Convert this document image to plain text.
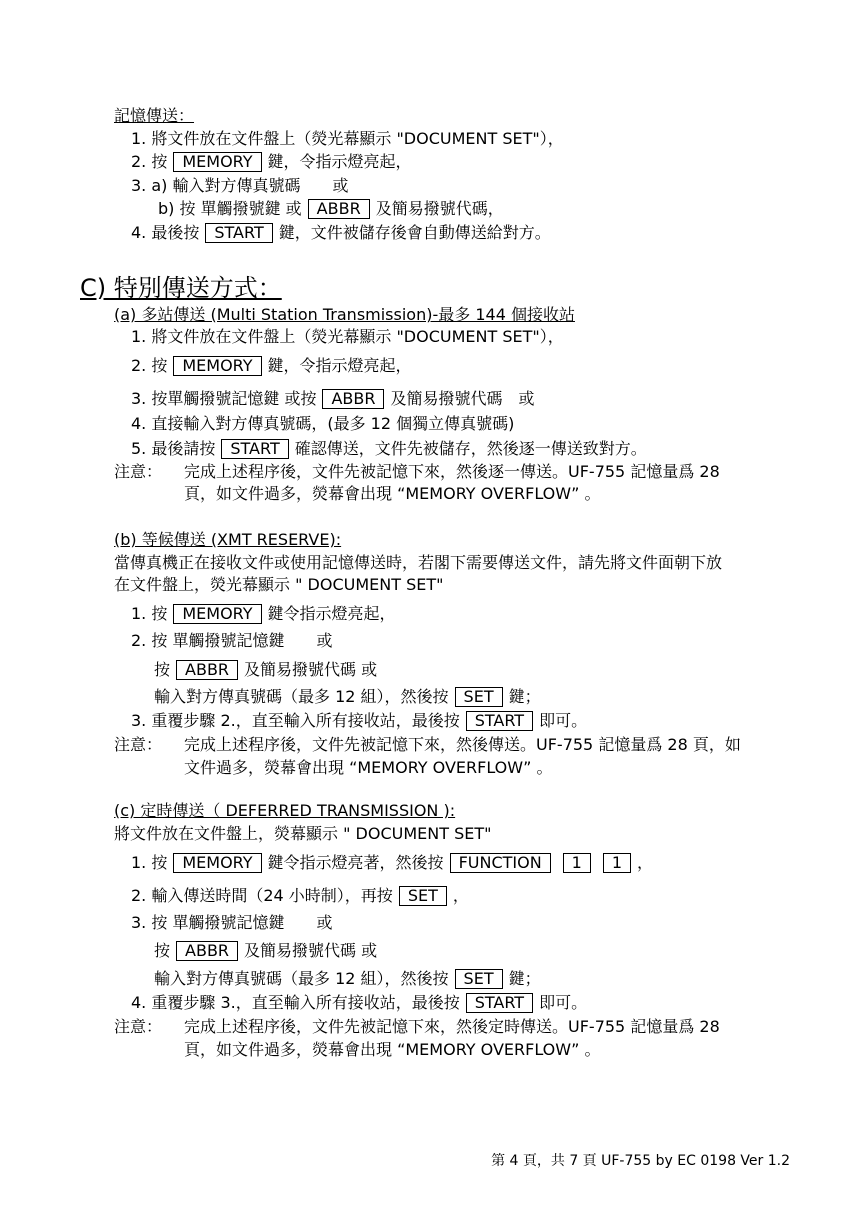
記憶傳送：
1. 將文件放在文件盤上（熒光幕顯示 "DOCUMENT SET"），
2. 按 MEMORY 鍵，令指示燈亮起，
3. a) 輸入對方傳真號碼　　或
b) 按 單觸撥號鍵 或 ABBR 及簡易撥號代碼，
4. 最後按 START 鍵，文件被儲存後會自動傳送給對方。
C) 特別傳送方式：
(a) 多站傳送 (Multi Station Transmission)-最多 144 個接收站
1. 將文件放在文件盤上（熒光幕顯示 "DOCUMENT SET"），
2. 按 MEMORY 鍵，令指示燈亮起，
3. 按單觸撥號記憶鍵 或按 ABBR 及簡易撥號代碼　或
4. 直接輸入對方傳真號碼，(最多 12 個獨立傳真號碼)
5. 最後請按 START 確認傳送，文件先被儲存，然後逐一傳送致對方。
注意： 完成上述程序後，文件先被記憶下來，然後逐一傳送。UF-755 記憶量爲 28
頁，如文件過多，熒幕會出現 “MEMORY OVERFLOW” 。
(b) 等候傳送 (XMT RESERVE):
當傳真機正在接收文件或使用記憶傳送時，若閣下需要傳送文件，請先將文件面朝下放
在文件盤上，熒光幕顯示 " DOCUMENT SET"
1. 按 MEMORY 鍵令指示燈亮起，
2. 按 單觸撥號記憶鍵　　或
按 ABBR 及簡易撥號代碼 或
輸入對方傳真號碼（最多 12 組），然後按 SET 鍵；
3. 重覆步驟 2.，直至輸入所有接收站，最後按 START 即可。
注意： 完成上述程序後，文件先被記憶下來，然後傳送。UF-755 記憶量爲 28 頁，如
文件過多，熒幕會出現 “MEMORY OVERFLOW” 。
(c) 定時傳送（ DEFERRED TRANSMISSION ):
將文件放在文件盤上，熒幕顯示 " DOCUMENT SET"
1. 按 MEMORY 鍵令指示燈亮著，然後按 FUNCTION 1 1 ，
2. 輸入傳送時間（24 小時制），再按 SET ，
3. 按 單觸撥號記憶鍵　　或
按 ABBR 及簡易撥號代碼 或
輸入對方傳真號碼（最多 12 組），然後按 SET 鍵；
4. 重覆步驟 3.，直至輸入所有接收站，最後按 START 即可。
注意： 完成上述程序後，文件先被記憶下來，然後定時傳送。UF-755 記憶量爲 28
頁，如文件過多，熒幕會出現 “MEMORY OVERFLOW” 。
第 4 頁，共 7 頁 UF-755 by EC 0198 Ver 1.2
